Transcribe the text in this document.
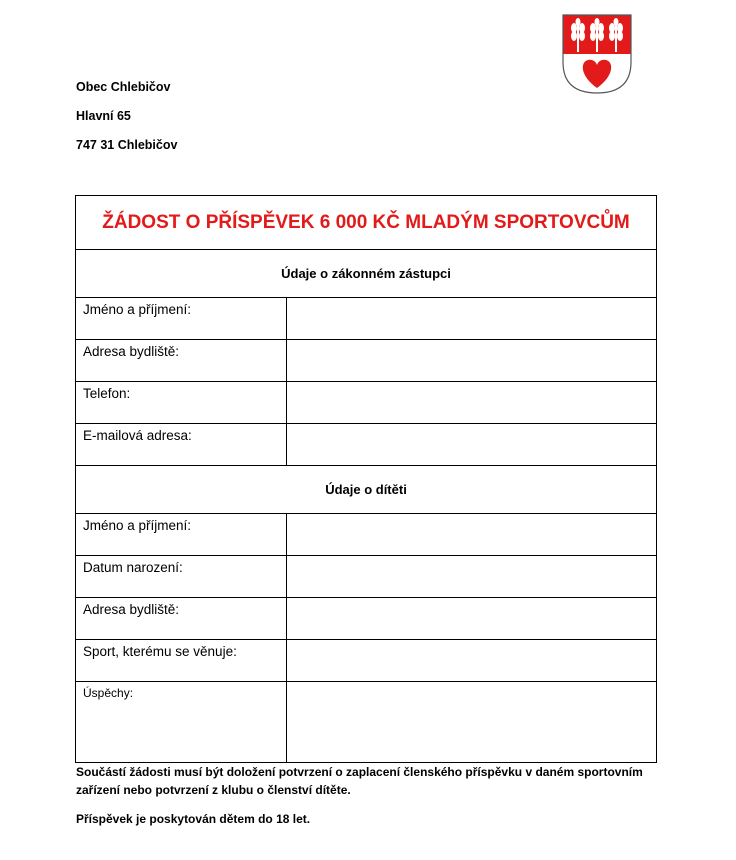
Obec Chlebičov
Hlavní 65
747 31 Chlebičov
ŽÁDOST O PŘÍSPĚVEK 6 000 KČ MLADÝM SPORTOVCŮM	
Údaje o zákonném zástupci	
Jméno a příjmení:	
Adresa bydliště:	
Telefon:	
E-mailová adresa:	
Údaje o dítěti	
Jméno a příjmení:	
Datum narození:	
Adresa bydliště:	
Sport, kterému se věnuje:	
Úspěchy:	
Součástí žádosti musí být doložení potvrzení o zaplacení členského příspěvku v daném sportovním
zařízení nebo potvrzení z klubu o členství dítěte.
Příspěvek je poskytován dětem do 18 let.
